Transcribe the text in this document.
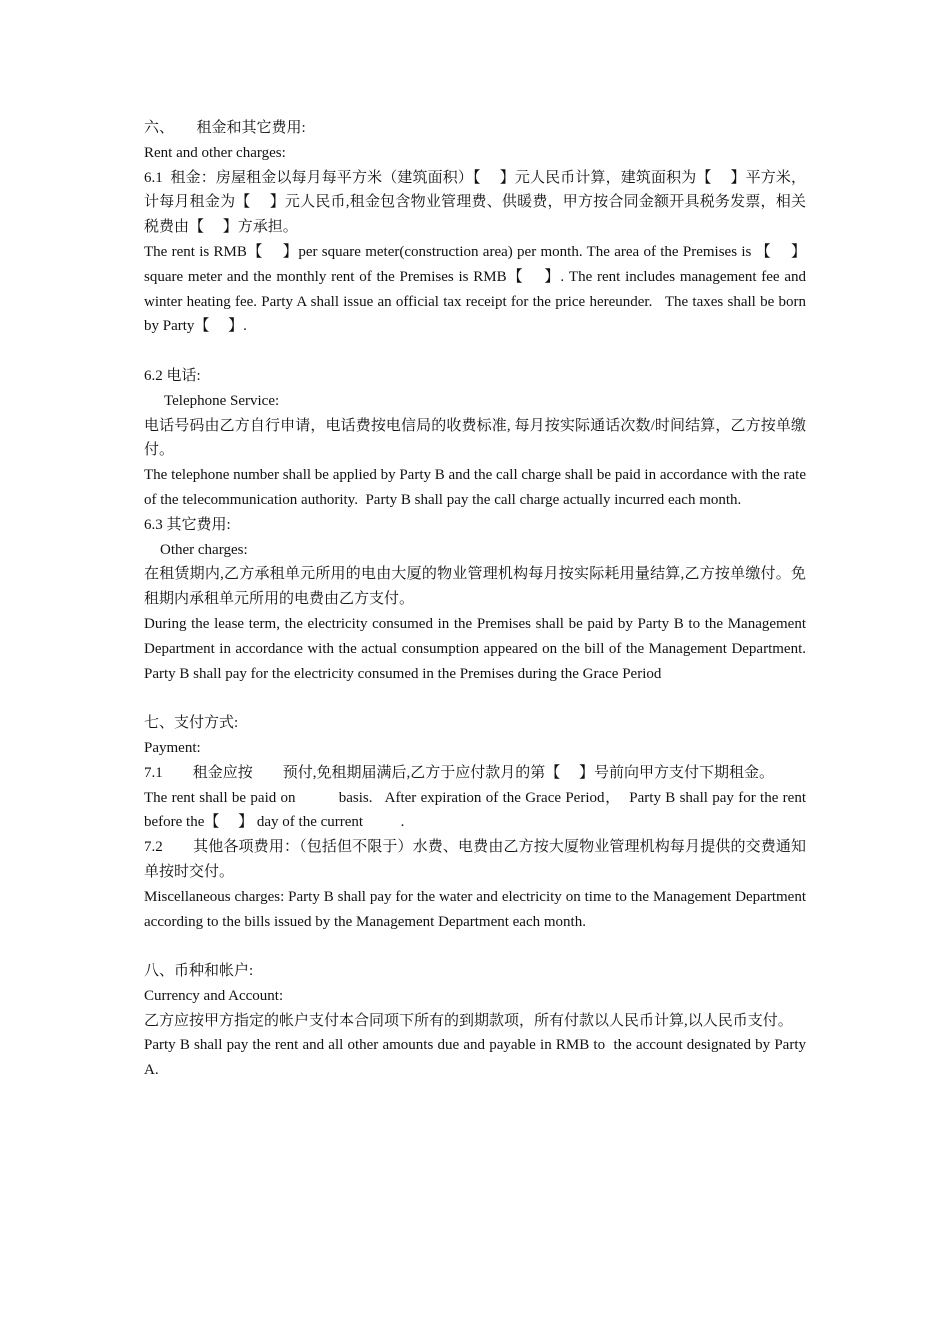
六、　　租金和其它费用:
Rent and other charges:
6.1  租金：房屋租金以每月每平方米（建筑面积）【　 】元人民币计算，建筑面积为【　 】平方米，计每月租金为【　 】元人民币,租金包含物业管理费、供暖费，甲方按合同金额开具税务发票，相关税费由【　 】方承担。
The rent is RMB【　 】per square meter(construction area) per month. The area of the Premises is 【　 】square meter and the monthly rent of the Premises is RMB【　 】. The rent includes management fee and winter heating fee. Party A shall issue an official tax receipt for the price hereunder.   The taxes shall be born by Party【　 】.
6.2 电话:
Telephone Service:
电话号码由乙方自行申请，电话费按电信局的收费标准, 每月按实际通话次数/时间结算，乙方按单缴付。
The telephone number shall be applied by Party B and the call charge shall be paid in accordance with the rate of the telecommunication authority.  Party B shall pay the call charge actually incurred each month.
6.3 其它费用:
Other charges:
在租赁期内,乙方承租单元所用的电由大厦的物业管理机构每月按实际耗用量结算,乙方按单缴付。免租期内承租单元所用的电费由乙方支付。
During the lease term, the electricity consumed in the Premises shall be paid by Party B to the Management Department in accordance with the actual consumption appeared on the bill of the Management Department. Party B shall pay for the electricity consumed in the Premises during the Grace Period
七、支付方式:
Payment:
7.1　　租金应按　　预付,免租期届满后,乙方于应付款月的第【　 】号前向甲方支付下期租金。
The rent shall be paid on          basis.   After expiration of the Grace Period，  Party B shall pay for the rent before the【　 】 day of the current          .
7.2　　其他各项费用：（包括但不限于）水费、电费由乙方按大厦物业管理机构每月提供的交费通知单按时交付。
Miscellaneous charges: Party B shall pay for the water and electricity on time to the Management Department according to the bills issued by the Management Department each month.
八、币种和帐户:
Currency and Account:
乙方应按甲方指定的帐户支付本合同项下所有的到期款项，所有付款以人民币计算,以人民币支付。
Party B shall pay the rent and all other amounts due and payable in RMB to  the account designated by Party A.
